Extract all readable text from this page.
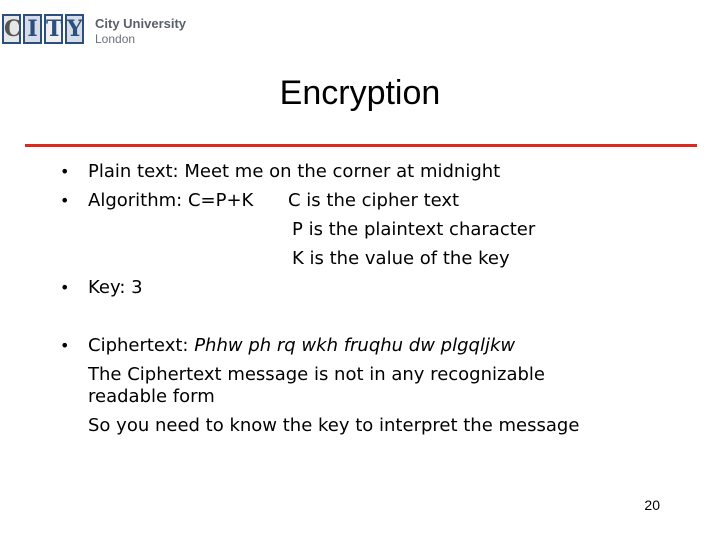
C I T Y City University
London
Encryption
• Plain text: Meet me on the corner at midnight
• Algorithm: C=P+K C is the cipher text
P is the plaintext character
K is the value of the key
• Key: 3
• Ciphertext: Phhw ph rq wkh fruqhu dw plgqljkw
The Ciphertext message is not in any recognizable
readable form
So you need to know the key to interpret the message
20
